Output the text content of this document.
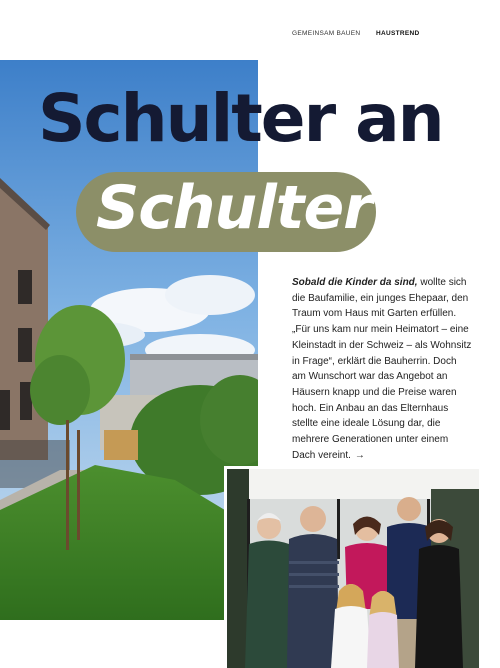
GEMEINSAM BAUEN HAUSTREND
Schulter an
Schulter

Sobald die Kinder da sind, wollte sich die Baufamilie, ein junges Ehepaar, den Traum vom Haus mit Garten erfüllen. „Für uns kam nur mein Heimatort – eine Kleinstadt in der Schweiz – als Wohnsitz in Frage“, erklärt die Bauherrin. Doch am Wunschort war das Angebot an Häusern knapp und die Preise waren hoch. Ein Anbau an das Elternhaus stellte eine ideale Lösung dar, die mehrere Generationen unter einem Dach vereint. →
